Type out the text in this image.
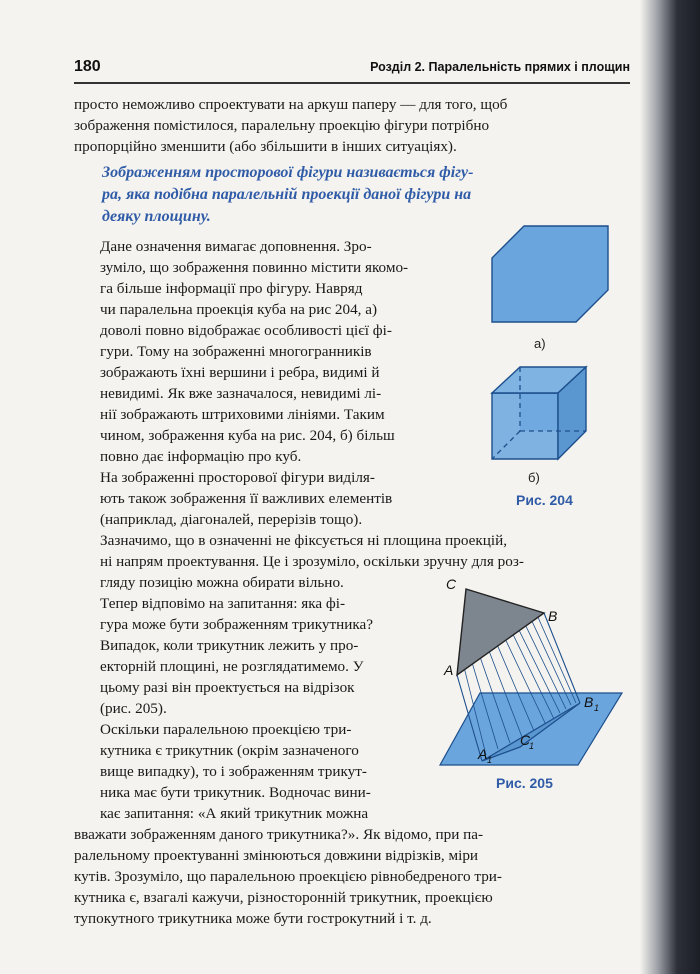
180	Розділ 2. Паралельність прямих і площин

просто неможливо спроектувати на аркуш паперу — для того, щоб
зображення помістилося, паралельну проекцію фігури потрібно
пропорційно зменшити (або збільшити в інших ситуаціях).

Зображенням просторової фігури називається фігу-
ра, яка подібна паралельній проекції даної фігури на
деяку площину.

Дане означення вимагає доповнення. Зро-
зуміло, що зображення повинно містити якомо-
га більше інформації про фігуру. Навряд
чи паралельна проекція куба на рис 204, а)
доволі повно відображає особливості цієї фі-
гури. Тому на зображенні многогранників
зображають їхні вершини і ребра, видимі й
невидимі. Як вже зазначалося, невидимі лі-
нії зображають штриховими лініями. Таким
чином, зображення куба на рис. 204, б) більш
повно дає інформацію про куб.

На зображенні просторової фігури виділя-
ють також зображення її важливих елементів
(наприклад, діагоналей, перерізів тощо).

Зазначимо, що в означенні не фіксується ні площина проекцій,
ні напрям проектування. Це і зрозуміло, оскільки зручну для роз-
гляду позицію можна обирати вільно.

Тепер відповімо на запитання: яка фі-
гура може бути зображенням трикутника?
Випадок, коли трикутник лежить у про-
екторній площині, не розглядатимемо. У
цьому разі він проектується на відрізок
(рис. 205).

Оскільки паралельною проекцією три-
кутника є трикутник (окрім зазначеного
вище випадку), то і зображенням трикут-
ника має бути трикутник. Водночас вини-
кає запитання: «А який трикутник можна

вважати зображенням даного трикутника?». Як відомо, при па-
ралельному проектуванні змінюються довжини відрізків, міри
кутів. Зрозуміло, що паралельною проекцією рівнобедреного три-
кутника є, взагалі кажучи, різносторонній трикутник, проекцією
тупокутного трикутника може бути гострокутний і т. д.

а)
б)
Рис. 204
C
B
A
B 1
C
1
A 1
Рис. 205
